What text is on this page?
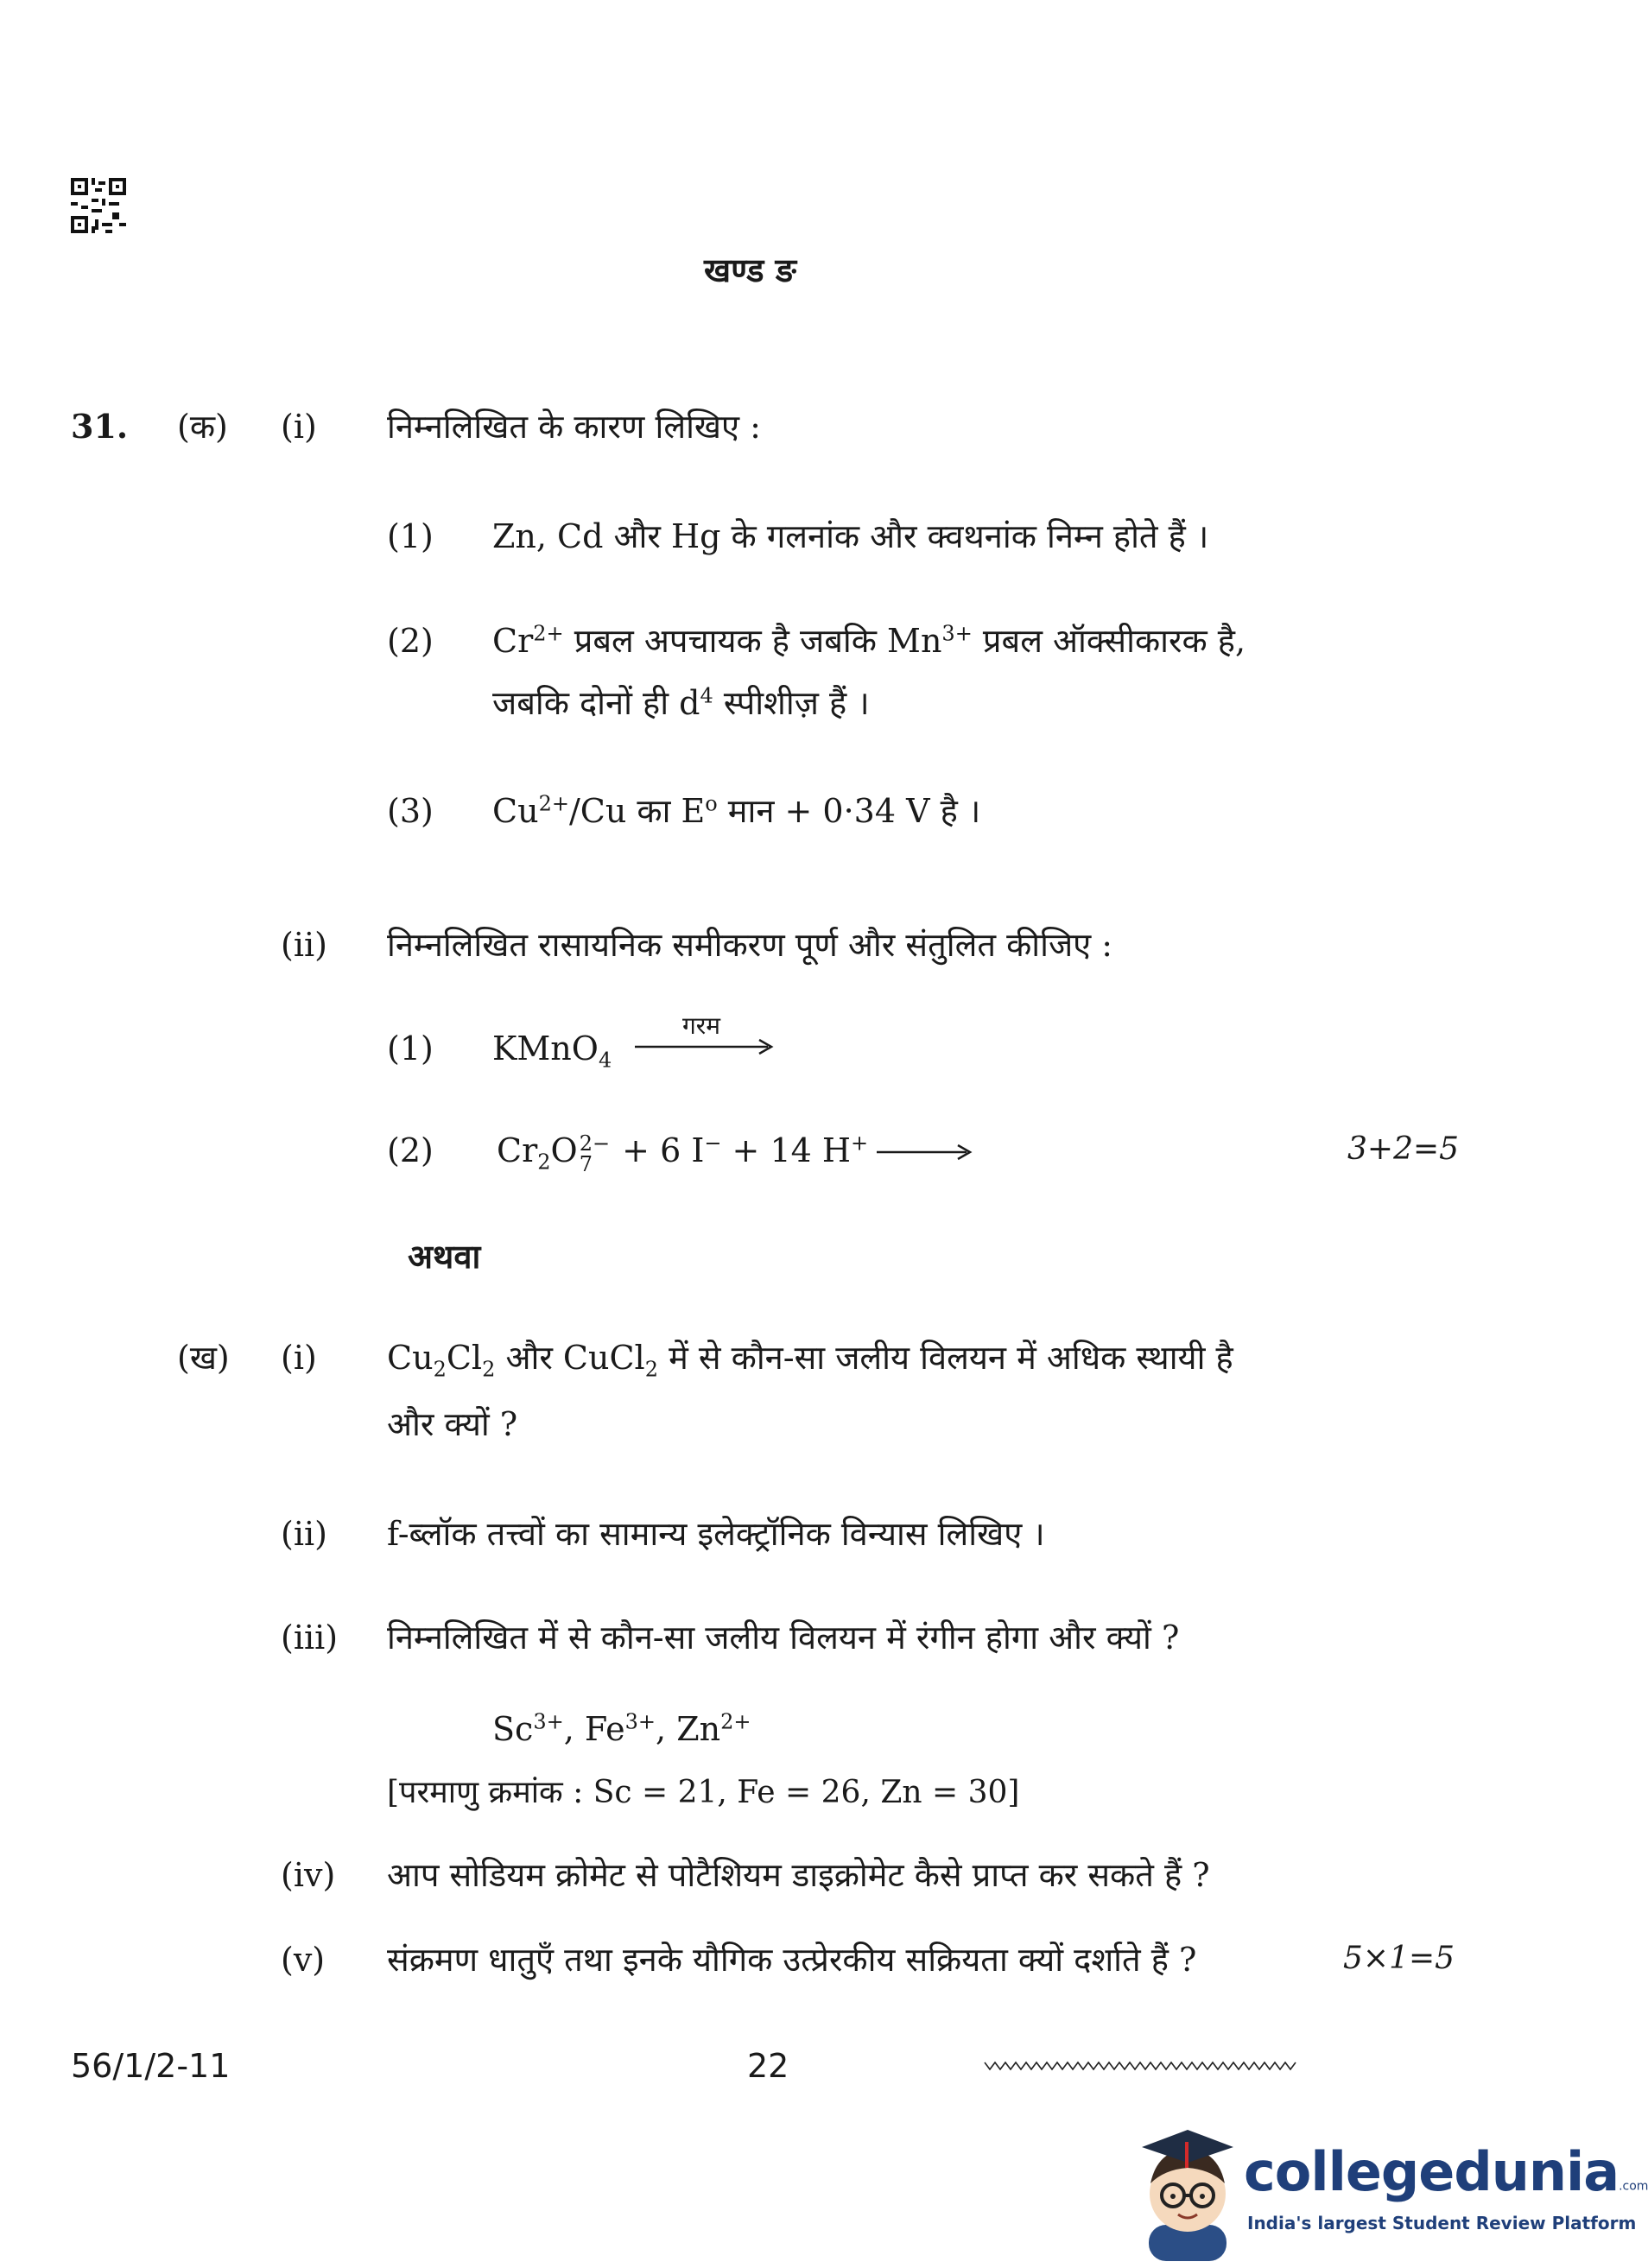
खण्ड ङ
31. (क) (i) निम्नलिखित के कारण लिखिए :
(1) Zn, Cd और Hg के गलनांक और क्वथनांक निम्न होते हैं ।
(2) $Cr^{2+}$ प्रबल अपचायक है जबकि $Mn^{3+}$ प्रबल ऑक्सीकारक है,
जबकि दोनों ही $d^4$ स्पीशीज़ हैं ।
(3) $Cu^{2+}/Cu$ का $E^o$ मान + 0·34 V है ।
(ii) निम्नलिखित रासायनिक समीकरण पूर्ण और संतुलित कीजिए :
(1) KMnO$_4$
गरम
(2) $Cr_2O$ 2−
7 + 6 I− + 14 H+	3+2=5
अथवा
(ख) (i) $Cu_2Cl_2$ और CuCl$_2$ में से कौन-सा जलीय विलयन में अधिक स्थायी है
और क्यों ?
(ii) f-ब्लॉक तत्त्वों का सामान्य इलेक्ट्रॉनिक विन्यास लिखिए ।
(iii) निम्नलिखित में से कौन-सा जलीय विलयन में रंगीन होगा और क्यों ?
$Sc^{3+}$, $Fe^{3+}$, $Zn^{2+}$
[परमाणु क्रमांक : Sc = 21, Fe = 26, Zn = 30]
(iv) आप सोडियम क्रोमेट से पोटैशियम डाइक्रोमेट कैसे प्राप्त कर सकते हैं ?
(v) संक्रमण धातुएँ तथा इनके यौगिक उत्प्रेरकीय सक्रियता क्यों दर्शाते हैं ?	5×1=5
56/1/2-11	22
collegedunia.com
India's largest Student Review Platform
